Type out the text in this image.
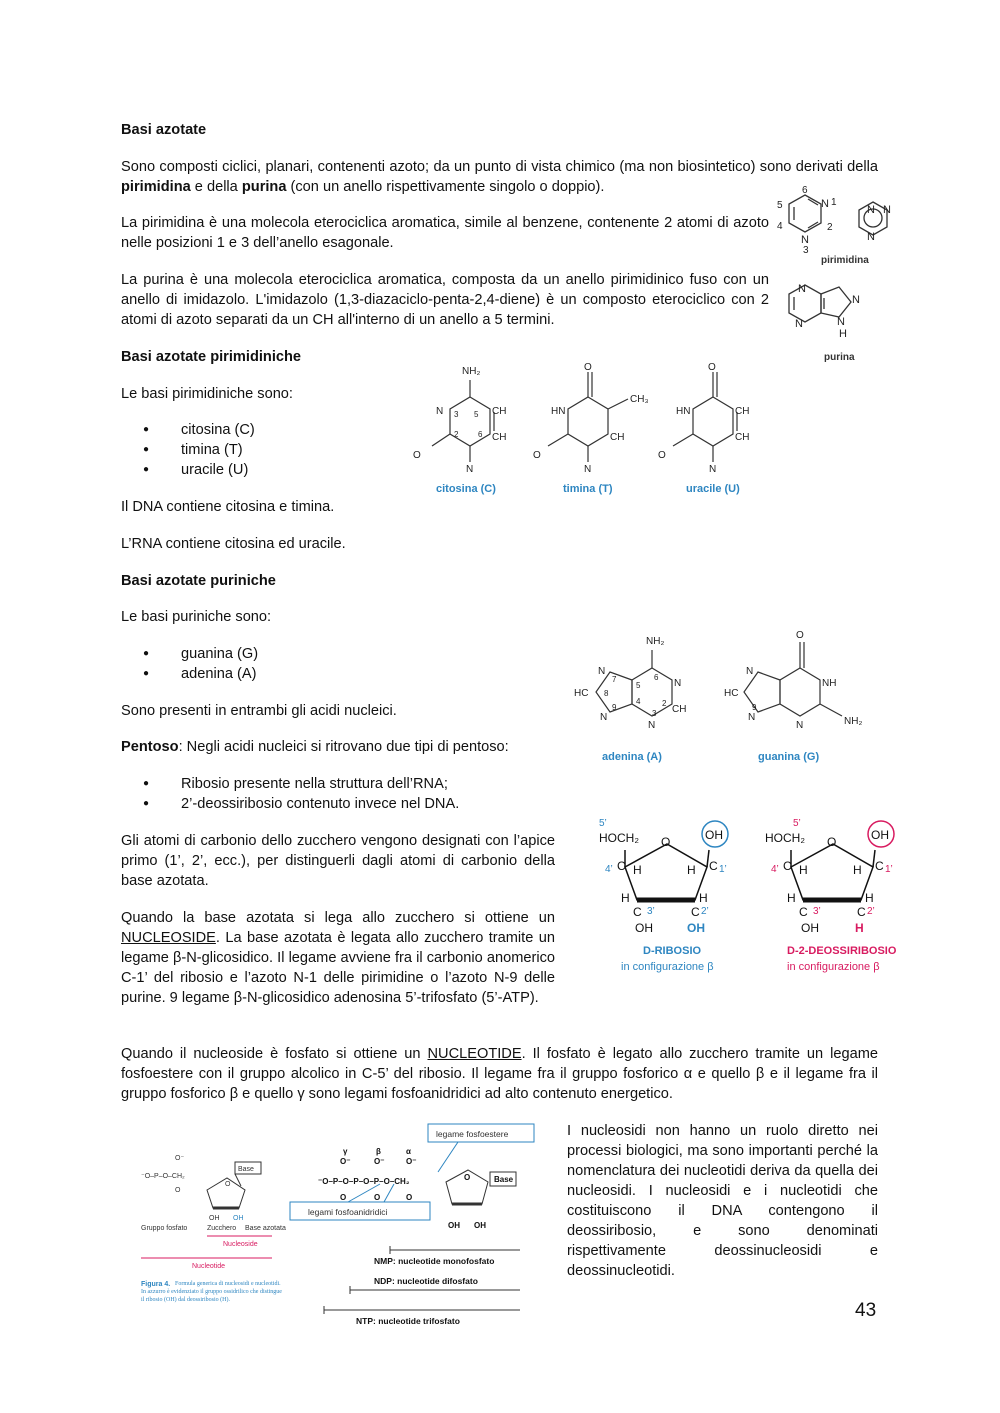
Basi azotate
Sono composti ciclici, planari, contenenti azoto; da un punto di vista chimico (ma non biosintetico) sono derivati della pirimidina e della purina (con un anello rispettivamente singolo o doppio).
La pirimidina è una molecola eterociclica aromatica, simile al benzene, contenente 2 atomi di azoto nelle posizioni 1 e 3 dell’anello esagonale.
La purina è una molecola eterociclica aromatica, composta da un anello pirimidinico fuso con un anello di imidazolo. L'imidazolo (1,3-diazaciclo-penta-2,4-diene) è un composto eterociclico con 2 atomi di azoto separati da un CH all'interno di un anello a 5 termini.
6
5
4
N 1
2
N
3
N N
N
N
N
N
N
H
pirimidina
purina
Basi azotate pirimidiniche
Le basi pirimidiniche sono:
● citosina (C)
● timina (T)
● uracile (U)
Il DNA contiene citosina e timina.
L’RNA contiene citosina ed uracile.
NH₂
N	CH
CH
O
N
3 5
2 6
O
HN
CH₃
CH
O
N
O
HN	CH
CH
O
N
citosina (C)	timina (T)	uracile (U)
Basi azotate puriniche
Le basi puriniche sono:
● guanina (G)
● adenina (A)
Sono presenti in entrambi gli acidi nucleici.
NH₂
N
N
CH
HC
N
N
7
8
9
5
6
4	2
3
O
N
NH
NH₂
HC
N
N
9
adenina (A)	guanina (G)
Pentoso: Negli acidi nucleici si ritrovano due tipi di pentoso:
● Ribosio presente nella struttura dell’RNA;
● 2’-deossiribosio contenuto invece nel DNA.
Gli atomi di carbonio dello zucchero vengono designati con l’apice primo (1’, 2’, ecc.), per distinguerli dagli atomi di carbonio della base azotata.
Quando la base azotata si lega allo zucchero si ottiene un NUCLEOSIDE. La base azotata è legata allo zucchero tramite un legame β-N-glicosidico. Il legame avviene fra il carbonio anomerico C-1’ del ribosio e l’azoto N-1 delle pirimidine o l’azoto N-9 delle purine. 9 legame β-N-glicosidico adenosina 5’-trifosfato (5’-ATP).
HOCH₂ O	OH
C	C
H	H
H
C	C
H
OH	OH
HOCH₂ O	OH
C	C
H	H
H
C	C
H
OH	H
5’
4’	1’
3’	2’
5’
4’	1’
3’	2’
D-RIBOSIO
in configurazione β
D-2-DEOSSIRIBOSIO
in configurazione β
Quando il nucleoside è fosfato si ottiene un NUCLEOTIDE. Il fosfato è legato allo zucchero tramite un legame fosfoestere con il gruppo alcolico in C-5’ del ribosio. Il legame fra il gruppo fosforico α e quello β e il legame fra il gruppo fosforico β e quello γ sono legami fosfoanidridici ad alto contenuto energetico.
O⁻
⁻O–P–O–CH₂
O
Base
O
OH OH
Gruppo fosfato	Zucchero Base azotata
Nucleoside
Nucleotide
Figura 4. Formula generica di nucleosidi e nucleotidi. In azzurro è evidenziato il gruppo ossidrilico che distingue il ribosio (OH) dal deossiribosio (H).
γ	β	α
O⁻	O⁻	O⁻
⁻O–P–O–P–O–P–O–CH₂
O	O	O
O	Base
OH OH
legame fosfoestere
legami fosfoanidridici
NMP: nucleotide monofosfato
NDP: nucleotide difosfato
NTP: nucleotide trifosfato
I nucleosidi non hanno un ruolo diretto nei processi biologici, ma sono importanti perché la nomenclatura dei nucleotidi deriva da quella dei nucleosidi. I nucleosidi e i nucleotidi che costituiscono il DNA contengono il deossiribosio, e sono denominati rispettivamente deossinucleosidi e deossinucleotidi.
43
